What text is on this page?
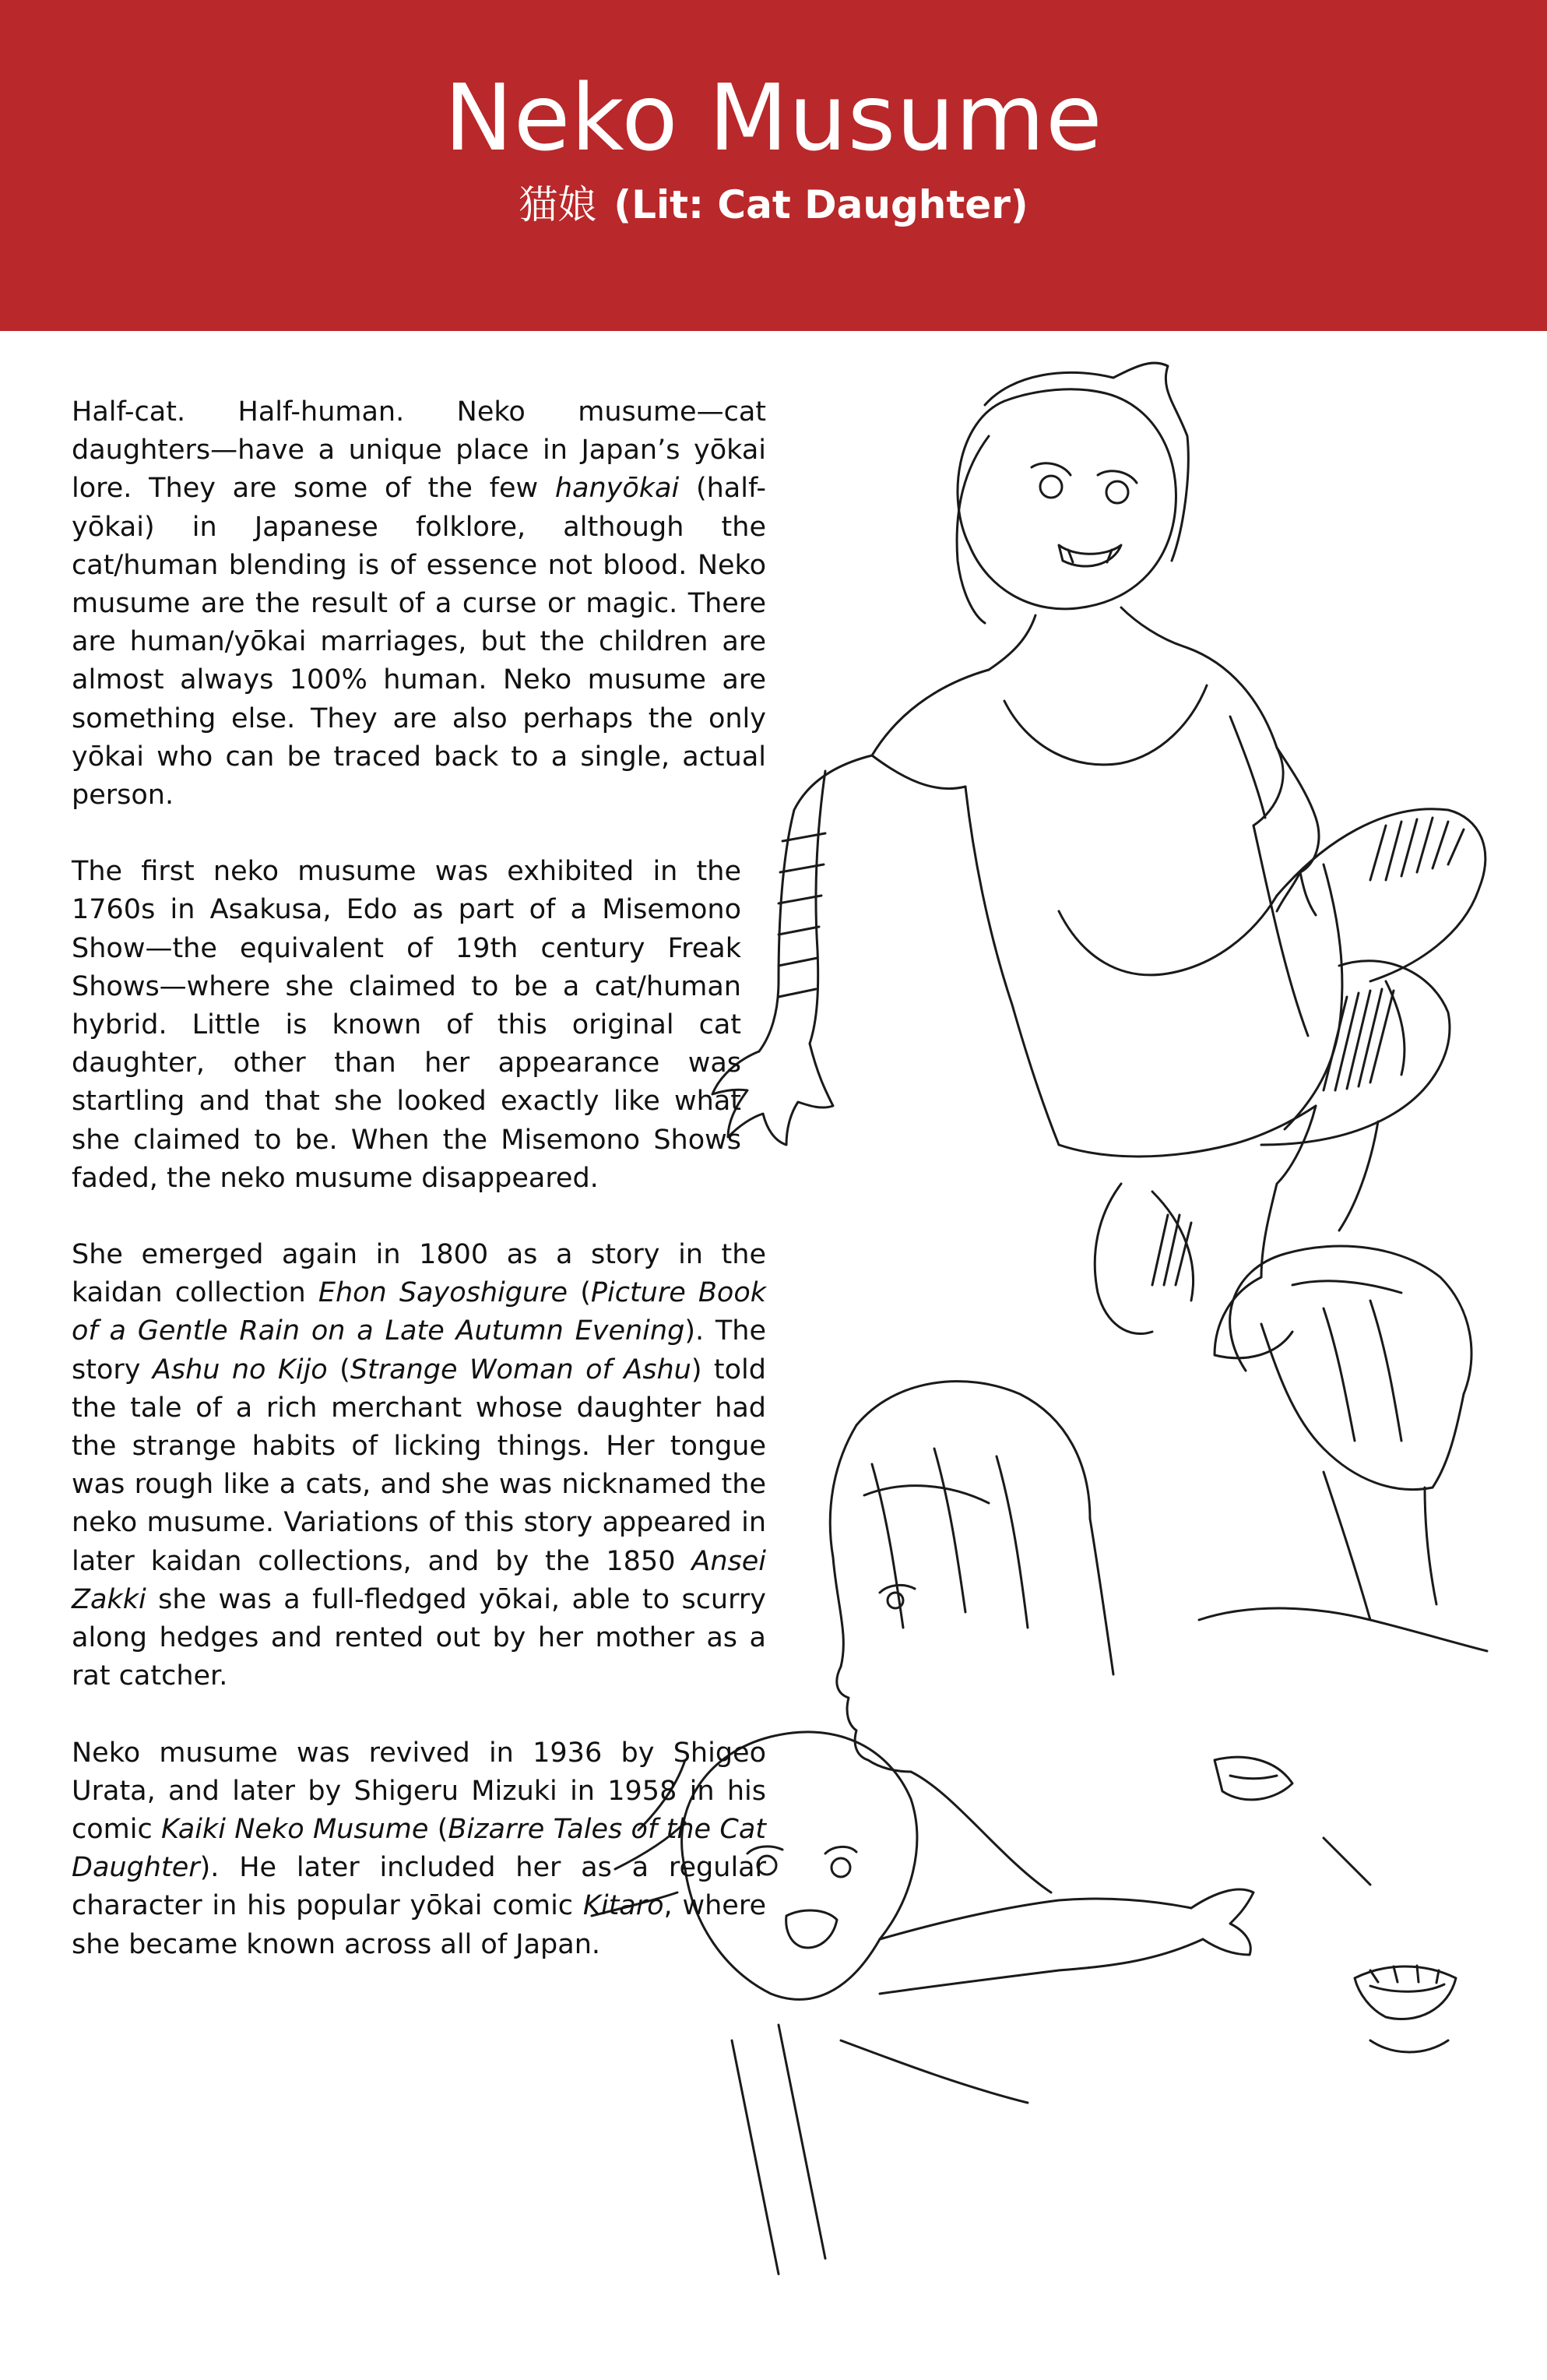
Neko Musume
猫娘 (Lit: Cat Daughter)

Half-cat. Half-human. Neko musume—cat daughters—have a unique place in Japan’s yōkai lore. They are some of the few hanyōkai (half-yōkai) in Japanese folklore, although the cat/human blending is of essence not blood. Neko musume are the result of a curse or magic. There are human/yōkai marriages, but the children are almost always 100% human. Neko musume are something else. They are also perhaps the only yōkai who can be traced back to a single, actual person.

The first neko musume was exhibited in the 1760s in Asakusa, Edo as part of a Misemono Show—the equivalent of 19th century Freak Shows—where she claimed to be a cat/human hybrid. Little is known of this original cat daughter, other than her appearance was startling and that she looked exactly like what she claimed to be. When the Misemono Shows faded, the neko musume disappeared.

She emerged again in 1800 as a story in the kaidan collection Ehon Sayoshigure (Picture Book of a Gentle Rain on a Late Autumn Evening). The story Ashu no Kijo (Strange Woman of Ashu) told the tale of a rich merchant whose daughter had the strange habits of licking things. Her tongue was rough like a cats, and she was nicknamed the neko musume. Variations of this story appeared in later kaidan collections, and by the 1850 Ansei Zakki she was a full-fledged yōkai, able to scurry along hedges and rented out by her mother as a rat catcher.

Neko musume was revived in 1936 by Shigeo Urata, and later by Shigeru Mizuki in 1958 in his comic Kaiki Neko Musume (Bizarre Tales of the Cat Daughter). He later included her as a regular character in his popular yōkai comic Kitaro, where she became known across all of Japan.
